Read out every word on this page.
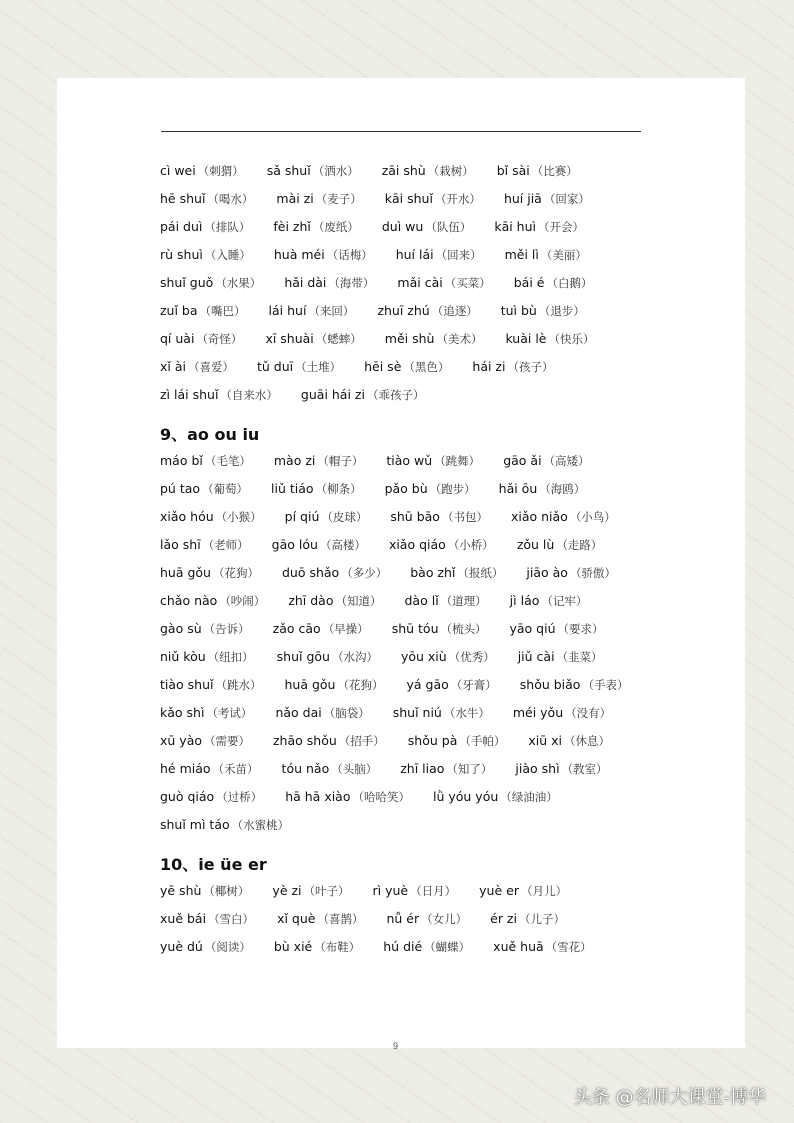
cì wei （刺猬） sǎ shuǐ （洒水） zāi shù （栽树） bǐ sài （比赛）
hē shuǐ （喝水） mài zi （麦子） kāi shuǐ （开水） huí jiā （回家）
pái duì （排队） fèi zhǐ （废纸） duì wu （队伍） kāi huì （开会）
rù shuì （入睡） huà méi （话梅） huí lái （回来） měi lì （美丽）
shuǐ guǒ （水果） hǎi dài （海带） mǎi cài （买菜） bái é （白鹅）
zuǐ ba （嘴巴） lái huí （来回） zhuī zhú （追逐） tuì bù （退步）
qí uài （奇怪） xī shuài （蟋蟀） měi shù （美术） kuài lè （快乐）
xǐ ài （喜爱） tǔ duī （土堆） hēi sè （黑色） hái zi （孩子）
zì lái shuǐ （自来水） guāi hái zi （乖孩子）
9、ao ou iu
máo bǐ （毛笔） mào zi （帽子） tiào wǔ （跳舞） gāo ǎi （高矮）
pú tao （葡萄） liǔ tiáo （柳条） pǎo bù （跑步） hǎi ōu （海鸥）
xiǎo hóu （小猴） pí qiú （皮球） shū bāo （书包） xiǎo niǎo （小鸟）
lǎo shī （老师） gāo lóu （高楼） xiǎo qiáo （小桥） zǒu lù （走路）
huā gǒu （花狗） duō shǎo （多少） bào zhǐ （报纸） jiāo ào （骄傲）
chǎo nào （吵闹） zhī dào （知道） dào lǐ （道理） jì láo （记牢）
gào sù （告诉） zǎo cāo （早操） shū tóu （梳头） yāo qiú （要求）
niǔ kòu （纽扣） shuǐ gōu （水沟） yōu xiù （优秀） jiǔ cài （韭菜）
tiào shuǐ （跳水） huā gǒu （花狗） yá gāo （牙膏） shǒu biǎo （手表）
kǎo shì （考试） nǎo dai （脑袋） shuǐ niú （水牛） méi yǒu （没有）
xū yào （需要） zhāo shǒu （招手） shǒu pà （手帕） xiū xi （休息）
hé miáo （禾苗） tóu nǎo （头脑） zhī liao （知了） jiào shì （教室）
guò qiáo （过桥） hā hā xiào （哈哈笑） lǜ yóu yóu （绿油油）
shuǐ mì táo （水蜜桃）
10、ie üe er
yē shù （椰树） yè zi （叶子） rì yuè （日月） yuè er （月儿）
xuě bái （雪白） xǐ què （喜鹊） nǚ ér （女儿） ér zi （儿子）
yuè dú （阅读） bù xié （布鞋） hú dié （蝴蝶） xuě huā （雪花）
9
头条 @名师大课堂-博华
